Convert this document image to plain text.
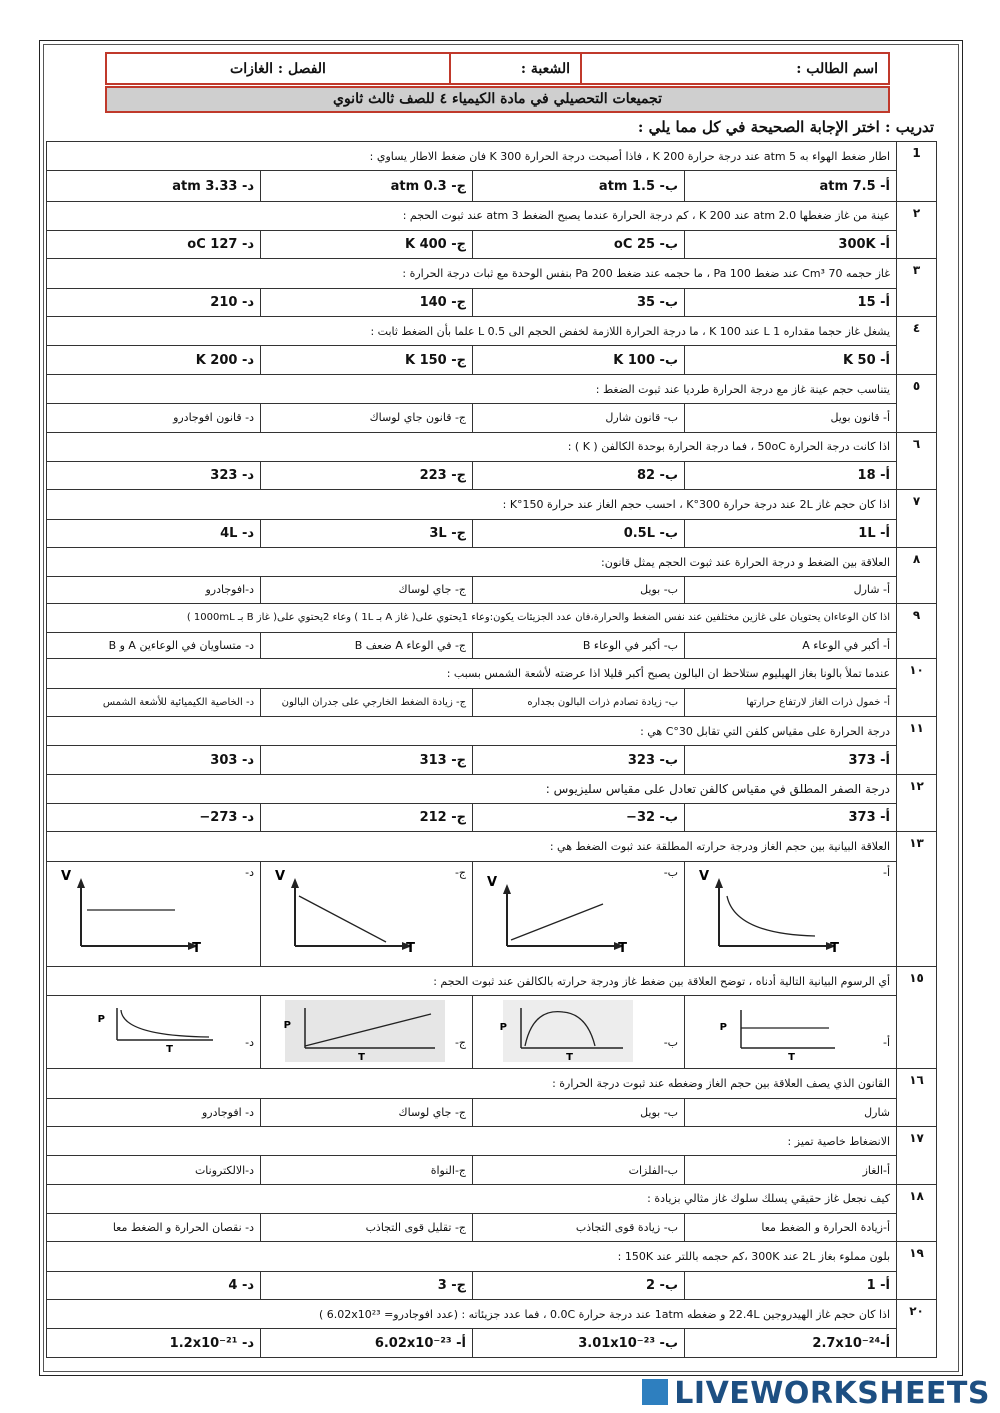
اسم الطالب :
الشعبة :
الفصل : الغازات
تجميعات التحصيلي في مادة الكيمياء ٤ للصف ثالث ثانوي
تدريب : اختر الإجابة الصحيحة في كل مما يلي :
1	اطار ضغط الهواء به 5 atm عند درجة حرارة 200 K ، فاذا أصبحت درجة الحرارة 300 K فان ضغط الاطار يساوي :			
	أ- 7.5 atm	ب- 1.5 atm	ج- 0.3 atm	د- 3.33 atm
٢	عينة من غاز ضغطها 2.0 atm عند 200 K ، كم درجة الحرارة عندما يصبح الضغط 3 atm عند ثبوت الحجم :			
	أ- 300K	ب- 25 oC	ج- 400 K	د- 127 oC
٣	غاز حجمه 70 Cm³ عند ضغط 100 Pa ، ما حجمه عند ضغط 200 Pa بنفس الوحدة مع ثبات درجة الحرارة :			
	أ- 15	ب- 35	ج- 140	د- 210
٤	يشغل غاز حجما مقداره 1 L عند 100 K ، ما درجة الحرارة اللازمة لخفض الحجم الى 0.5 L علما بأن الضغط ثابت :			
	أ- 50 K	ب- 100 K	ج- 150 K	د- 200 K
٥	يتناسب حجم عينة غاز مع درجة الحرارة طرديا عند ثبوت الضغط :			
	أ- قانون بويل	ب- قانون شارل	ج- قانون جاي لوساك	د- قانون افوجادرو
٦	اذا كانت درجة الحرارة 50oC ، فما درجة الحرارة بوحدة الكالفن ( K ) :			
	أ- 18	ب- 82	ج- 223	د- 323
٧	اذا كان حجم غاز 2L عند درجة حرارة 300°K ، احسب حجم الغاز عند حرارة 150°K :			
	أ- 1L	ب- 0.5L	ج- 3L	د- 4L
٨	العلاقة بين الضغط و درجة الحرارة عند ثبوت الحجم يمثل قانون:			
	أ- شارل	ب- بويل	ج- جاي لوساك	د-افوجادرو
٩	اذا كان الوعاءان يحتويان على غازين مختلفين عند نفس الضغط والحرارة،فان عدد الجزيئات يكون:وعاء 1يحتوي على( غاز A بـ 1L ) وعاء 2يحتوي على( غاز B بـ 1000mL )			
	أ- أكبر في الوعاء A	ب- أكبر في الوعاء B	ج- في الوعاء A ضعف B	د- متساويان في الوعاءين A و B
١٠	عندما تملأ بالونا بغاز الهيليوم ستلاحظ ان البالون يصبح أكبر قليلا اذا عرضته لأشعة الشمس بسبب :			
	أ- خمول ذرات الغاز لارتفاع حرارتها	ب- زيادة تصادم ذرات البالون بجداره	ج- زيادة الضغط الخارجي على جدران البالون	د- الخاصية الكيميائية للأشعة الشمس
١١	درجة الحرارة على مقياس كلفن التي تقابل 30°C هي :			
	أ- 373	ب- 323	ج- 313	د- 303
١٢	درجة الصفر المطلق في مقياس كالفن تعادل على مقياس سليزيوس :			
	أ- 373	ب- 32−	ج- 212	د- 273−
١٣	العلاقة البيانية بين حجم الغاز ودرجة حرارته المطلقة عند ثبوت الضغط هي :			
	أ-
V
T	ب-
V
T	ج-
V
T	د-
V
T

١٥	أي الرسوم البيانية التالية أدناه ، توضح العلاقة بين ضغط غاز ودرجة حرارته بالكالفن عند ثبوت الحجم :			

	أ-
P
T	ب-
P
T	ج-
P
T	د-
P
T

١٦	القانون الذي يصف العلاقة بين حجم الغاز وضغطه عند ثبوت درجة الحرارة :			
	شارل	ب- بويل	ج- جاي لوساك	د- افوجادرو
١٧	الانضغاط خاصية تميز :			
	أ-الغاز	ب-الفلزات	ج-النواة	د-الالكترونات
١٨	كيف نجعل غاز حقيقي يسلك سلوك غاز مثالي بزيادة :			
	أ-زيادة الحرارة و الضغط معا	ب- زيادة قوى التجاذب	ج- تقليل قوى التجاذب	د- نقصان الحرارة و الضغط معا
١٩	بلون مملوء بغاز 2L عند 300K ،كم حجمه باللتر عند 150K :			
	أ- 1	ب- 2	ج- 3	د- 4
٢٠	اذا كان حجم غاز الهيدروجين 22.4L و ضغطه 1atm عند درجة حرارة 0.0C ، فما عدد جزيئاته : (عدد افوجادرو= 6.02x10²³ )			
	أ-2.7x10⁻²⁴	ب- 3.01x10⁻²³	أ- 6.02x10⁻²³	د- 1.2x10⁻²¹
LIVEWORKSHEETS
